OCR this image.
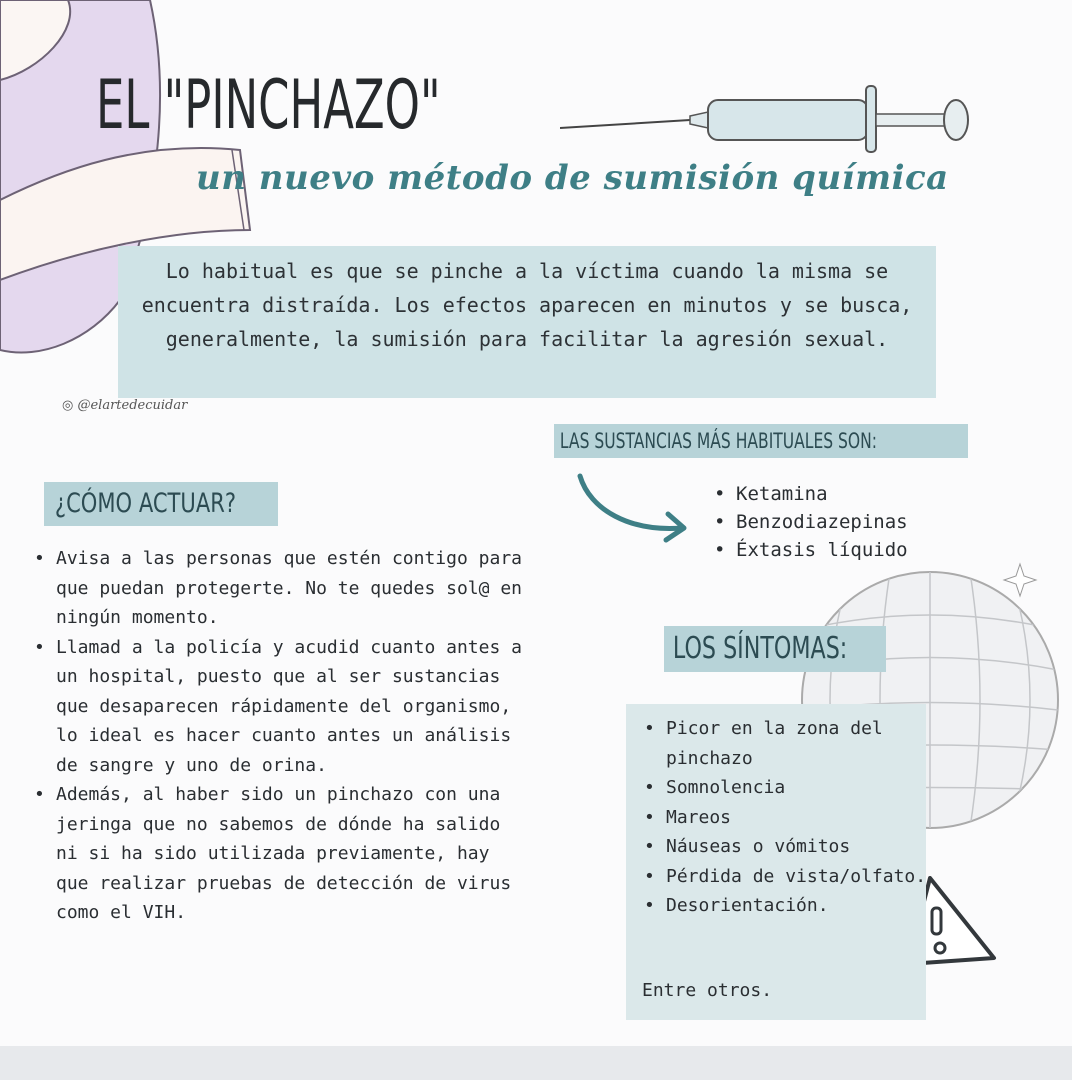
EL "PINCHAZO"
un nuevo método de sumisión química

Lo habitual es que se pinche a la víctima cuando la misma se encuentra distraída. Los efectos aparecen en minutos y se busca, generalmente, la sumisión para facilitar la agresión sexual.

◎ @elartedecuidar
LAS SUSTANCIAS MÁS HABITUALES SON:
• Ketamina
• Benzodiazepinas
• Éxtasis líquido
¿CÓMO ACTUAR?
• Avisa a las personas que estén contigo para que puedan protegerte. No te quedes sol@ en ningún momento.
• Llamad a la policía y acudid cuanto antes a un hospital, puesto que al ser sustancias que desaparecen rápidamente del organismo, lo ideal es hacer cuanto antes un análisis de sangre y uno de orina.
• Además, al haber sido un pinchazo con una jeringa que no sabemos de dónde ha salido ni si ha sido utilizada previamente, hay que realizar pruebas de detección de virus como el VIH.
LOS SÍNTOMAS:
• Picor en la zona del pinchazo
• Somnolencia
• Mareos
• Náuseas o vómitos
• Pérdida de vista/olfato.
• Desorientación.
Entre otros.
